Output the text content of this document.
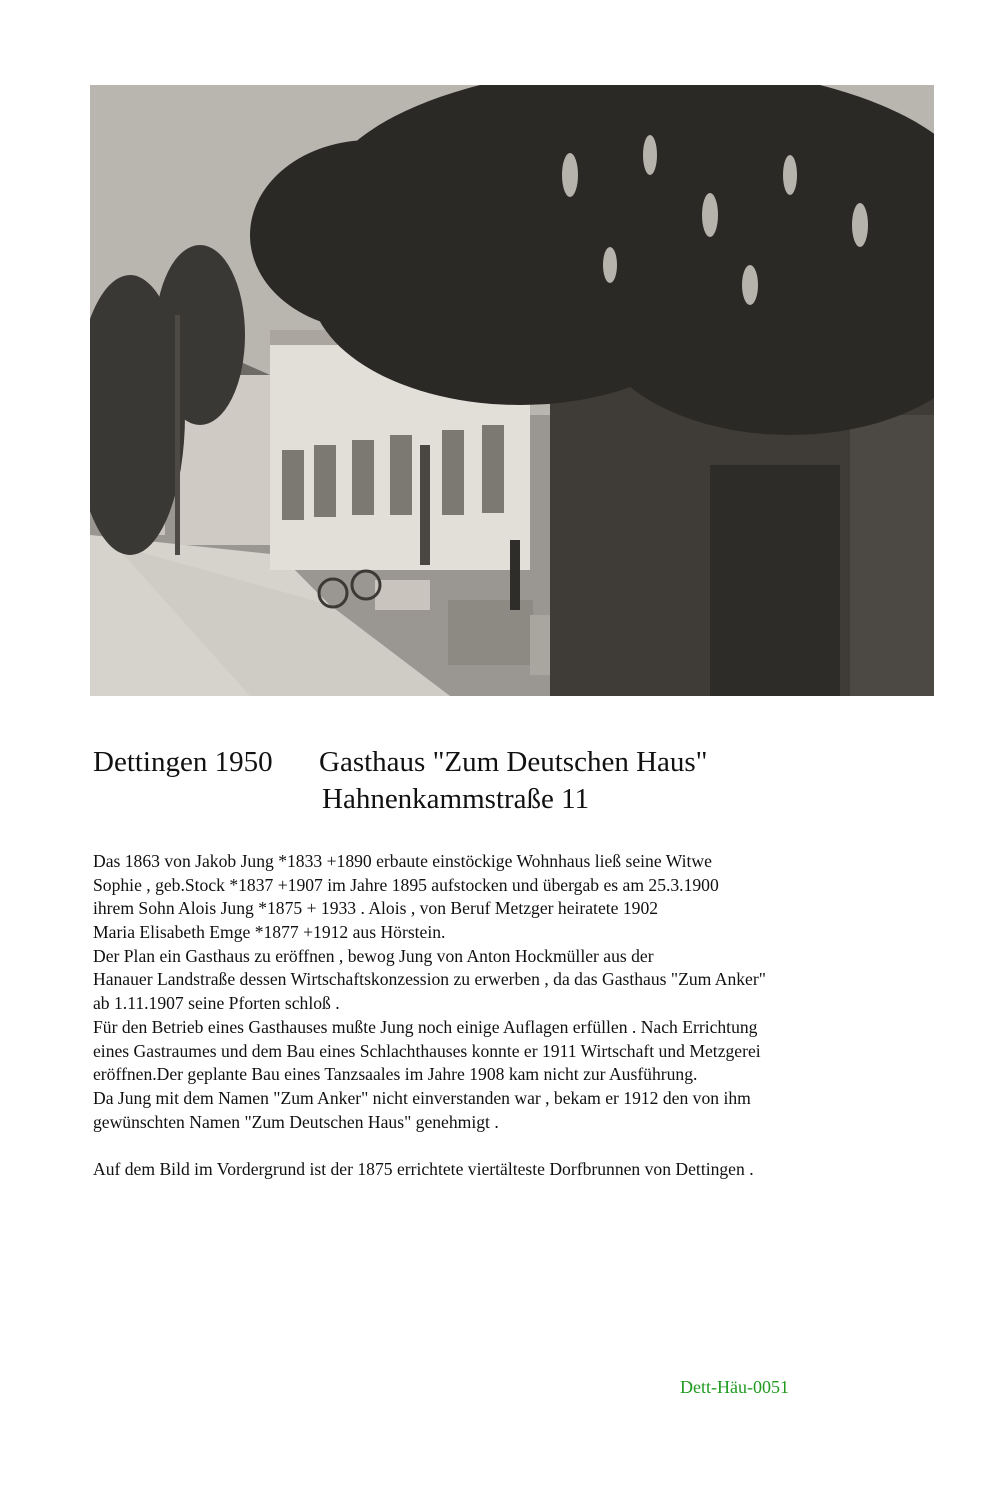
Dettingen 1950 Gasthaus "Zum Deutschen Haus"
Hahnenkammstraße 11
Das 1863 von Jakob Jung *1833 +1890 erbaute einstöckige Wohnhaus ließ seine Witwe
Sophie , geb.Stock *1837 +1907 im Jahre 1895 aufstocken und übergab es am 25.3.1900
ihrem Sohn Alois Jung *1875 + 1933 . Alois , von Beruf Metzger heiratete 1902
Maria Elisabeth Emge *1877 +1912 aus Hörstein.
Der Plan ein Gasthaus zu eröffnen , bewog Jung von Anton Hockmüller aus der
Hanauer Landstraße dessen Wirtschaftskonzession zu erwerben , da das Gasthaus "Zum Anker"
ab 1.11.1907 seine Pforten schloß .
Für den Betrieb eines Gasthauses mußte Jung noch einige Auflagen erfüllen . Nach Errichtung
eines Gastraumes und dem Bau eines Schlachthauses konnte er 1911 Wirtschaft und Metzgerei
eröffnen.Der geplante Bau eines Tanzsaales im Jahre 1908 kam nicht zur Ausführung.
Da Jung mit dem Namen "Zum Anker" nicht einverstanden war , bekam er 1912 den von ihm
gewünschten Namen "Zum Deutschen Haus" genehmigt .
Auf dem Bild im Vordergrund ist der 1875 errichtete viertälteste Dorfbrunnen von Dettingen .
Dett-Häu-0051
